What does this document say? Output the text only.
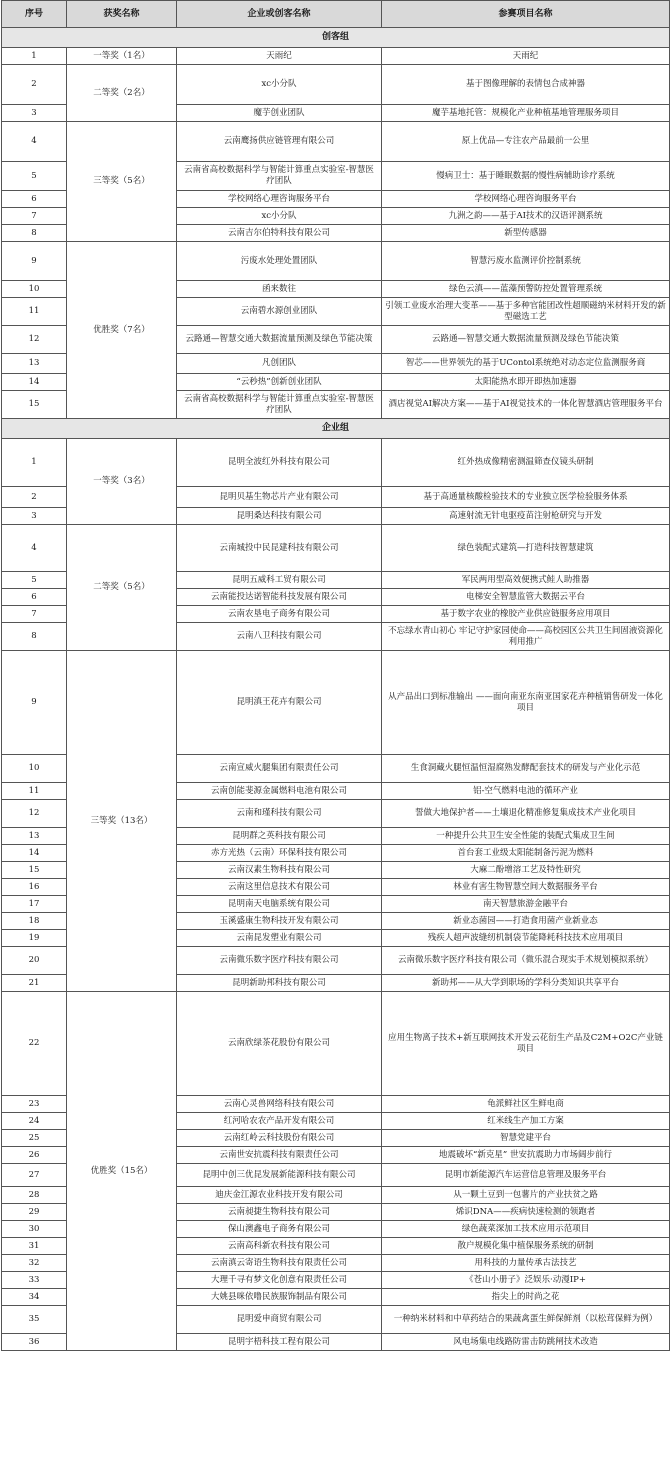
序号	获奖名称	企业或创客名称	参赛项目名称
创客组			
1	一等奖（1名）	天雨纪	天雨纪
2	二等奖（2名）	xc小分队	基于图像理解的表情包合成神器
3		魔芋创业团队	魔芋基地托管：规模化产业种植基地管理服务项目
4	三等奖（5名）	云南鹰扬供应链管理有限公司	原上优品—专注农产品最前一公里
5		云南省高校数据科学与智能计算重点实验室-智慧医疗团队	慢病卫士：基于睡眠数据的慢性病辅助诊疗系统
6		学校网络心理咨询服务平台	学校网络心理咨询服务平台
7		xc小分队	九洲之韵——基于AI技术的汉语评测系统
8		云南吉尔伯特科技有限公司	新型传感器
9	优胜奖（7名）	污废水处理处置团队	智慧污废水监测评价控制系统
10		函来数往	绿色云滇——蓝藻预警防控处置管理系统
11		云南碧水源创业团队	引领工业废水治理大变革——基于多种官能团改性超顺磁纳米材料开发的新型磁选工艺
12		云路通—智慧交通大数据流量预测及绿色节能决策	云路通—智慧交通大数据流量预测及绿色节能决策
13		凡创团队	智芯——世界领先的基于UContol系统绝对动态定位监测服务商
14		“云秒热”创新创业团队	太阳能热水即开即热加速器
15		云南省高校数据科学与智能计算重点实验室-智慧医疗团队	酒店视觉AI解决方案——基于AI视觉技术的一体化智慧酒店管理服务平台
企业组			
1	一等奖（3名）	昆明全波红外科技有限公司	红外热成像精密测温筛查仪镜头研制
2		昆明贝基生物芯片产业有限公司	基于高通量核酸检验技术的专业独立医学检验服务体系
3		昆明桑达科技有限公司	高速射流无针电驱疫苗注射枪研究与开发
4	二等奖（5名）	云南城投中民昆建科技有限公司	绿色装配式建筑—打造科技智慧建筑
5		昆明五威科工贸有限公司	军民两用型高效便携式鲑人助推器
6		云南能投达诺智能科技发展有限公司	电梯安全智慧监管大数据云平台
7		云南农垦电子商务有限公司	基于数字农业的橡胶产业供应链服务应用项目
8		云南八卫科技有限公司	不忘绿水青山初心 牢记守护家园使命——高校园区公共卫生间固液资源化利用推广
9	三等奖（13名）	昆明滇王花卉有限公司	从产品出口到标准输出 ——面向南亚东南亚国家花卉种植销售研发一体化项目
10		云南宣威火腿集团有限责任公司	生食洞藏火腿恒温恒湿腐熟发酵配套技术的研发与产业化示范
11		云南创能斐源金属燃料电池有限公司	铝-空气燃料电池的循环产业
12		云南和瑾科技有限公司	誓做大地保护者——土壤退化精准修复集成技术产业化项目
13		昆明群之英科技有限公司	一种提升公共卫生安全性能的装配式集成卫生间
14		赤方光热（云南）环保科技有限公司	首台套工业级太阳能制备污泥为燃料
15		云南汉素生物科技有限公司	大麻二酚增溶工艺及特性研究
16		云南这里信息技术有限公司	林业有害生物智慧空间大数据服务平台
17		昆明南天电脑系统有限公司	南天智慧旅游金融平台
18		玉溪盛康生物科技开发有限公司	新业态菌园——打造食用菌产业新业态
19		云南昆发塑业有限公司	残疾人超声波缝纫机制袋节能降耗科技技术应用项目
20		云南微乐数字医疗科技有限公司	云南微乐数字医疗科技有限公司（微乐混合现实手术规划模拟系统）
21		昆明新助邦科技有限公司	新助邦——从大学到职场的学科分类知识共享平台
22	优胜奖（15名）	云南欣绿茶花股份有限公司	应用生物离子技术+新互联网技术开发云花衍生产品及C2M+O2C产业链项目
23		云南心灵兽网络科技有限公司	龟派鲜社区生鲜电商
24		红河哈农农产品开发有限公司	红米线生产加工方案
25		云南红岭云科技股份有限公司	智慧党建平台
26		云南世安抗震科技有限责任公司	地震破坏“新克星” 世安抗震助力市场阔步前行
27		昆明中创三优昆发展新能源科技有限公司	昆明市新能源汽车运营信息管理及服务平台
28		迪庆金江源农业科技开发有限公司	从一颗土豆到一包薯片的产业扶贫之路
29		云南昶捷生物科技有限公司	烯识DNA——疾病快速检测的领跑者
30		保山澳鑫电子商务有限公司	绿色蔬菜深加工技术应用示范项目
31		云南高科新农科技有限公司	散户规模化集中植保服务系统的研制
32		云南滇云寄语生物科技有限责任公司	用科技的力量传承古法技艺
33		大理千寻有梦文化创意有限责任公司	《苍山小册子》泛娱乐·动漫IP+
34		大姚县咪依噜民族服饰制品有限公司	指尖上的时尚之花
35		昆明爱申商贸有限公司	一种纳米材料和中草药结合的果蔬禽蛋生鲜保鲜剂（以松茸保鲜为例）
36		昆明宇梧科技工程有限公司	风电场集电线路防雷击防跳闸技术改造
